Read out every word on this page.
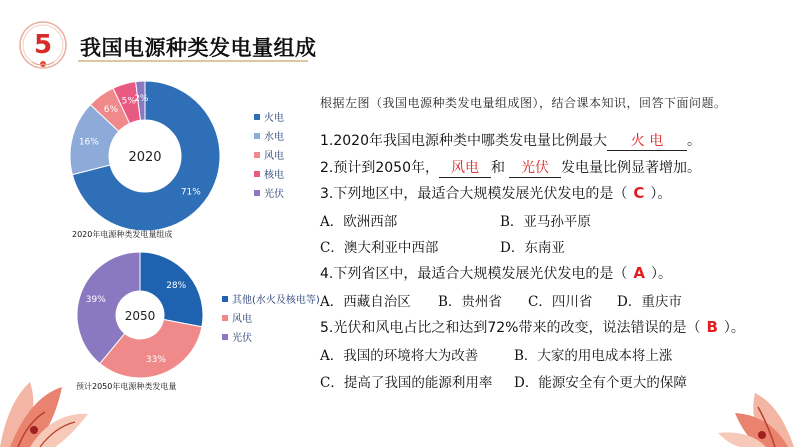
5 我国电源种类发电量组成
71%
16%
6%
5%
2%
2020
火电
水电
风电
核电
光伏
2020年电源种类发电量组成
28%
33%
39%
2050
其他(水火及核电等)
风电
光伏
预计2050年电源种类发电量
根据左图（我国电源种类发电量组成图），结合课本知识，回答下面问题。
1.2020年我国电源种类中哪类发电量比例最大 火 电 。
2.预计到2050年， 风电 和 光伏 发电量比例显著增加。
3.下列地区中，最适合大规模发展光伏发电的是（ C ）。
A．欧洲西部	B．亚马孙平原
C．澳大利亚中西部	D．东南亚
4.下列省区中，最适合大规模发展光伏发电的是（ A ）。
A．西藏自治区 B．贵州省 C．四川省 D．重庆市
5.光伏和风电占比之和达到72%带来的改变，说法错误的是（ B ）。
A．我国的环境将大为改善	B．大家的用电成本将上涨
C．提高了我国的能源利用率 D．能源安全有个更大的保障
